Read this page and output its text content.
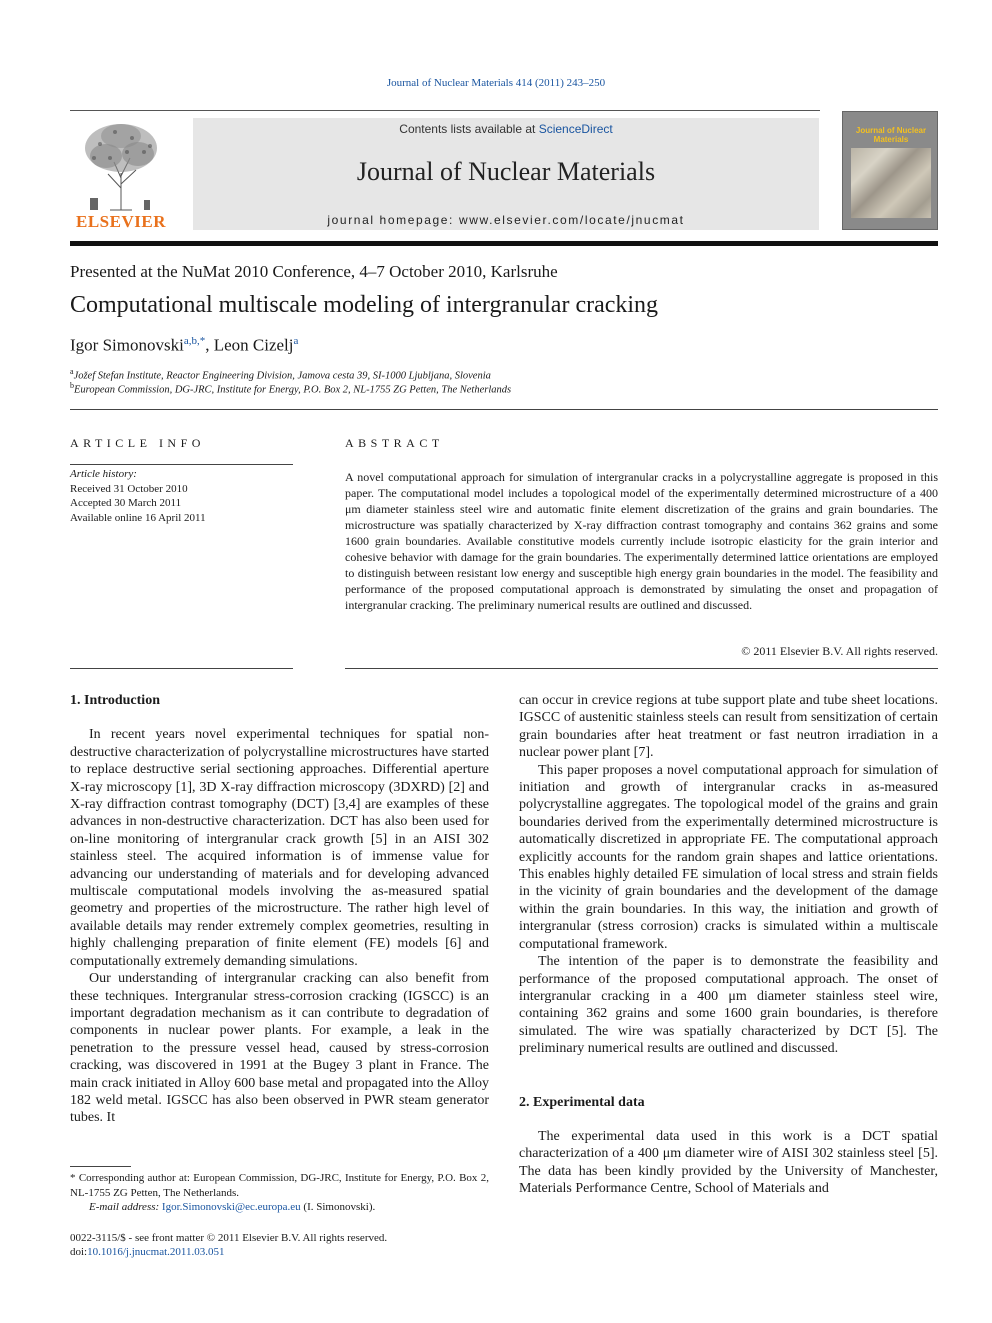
Journal of Nuclear Materials 414 (2011) 243–250
ELSEVIER
Contents lists available at ScienceDirect
Journal of Nuclear Materials
journal homepage: www.elsevier.com/locate/jnucmat
Journal of Nuclear Materials
Presented at the NuMat 2010 Conference, 4–7 October 2010, Karlsruhe
Computational multiscale modeling of intergranular cracking
Igor Simonovski$^{a,b,*}$, Leon Cizelj$^a$
$^a$Jožef Stefan Institute, Reactor Engineering Division, Jamova cesta 39, SI-1000 Ljubljana, Slovenia
$^b$European Commission, DG-JRC, Institute for Energy, P.O. Box 2, NL-1755 ZG Petten, The Netherlands
ARTICLE INFO
Article history:
Received 31 October 2010
Accepted 30 March 2011
Available online 16 April 2011
ABSTRACT
A novel computational approach for simulation of intergranular cracks in a polycrystalline aggregate is proposed in this paper. The computational model includes a topological model of the experimentally determined microstructure of a 400 μm diameter stainless steel wire and automatic finite element discretization of the grains and grain boundaries. The microstructure was spatially characterized by X-ray diffraction contrast tomography and contains 362 grains and some 1600 grain boundaries. Available constitutive models currently include isotropic elasticity for the grain interior and cohesive behavior with damage for the grain boundaries. The experimentally determined lattice orientations are employed to distinguish between resistant low energy and susceptible high energy grain boundaries in the model. The feasibility and performance of the proposed computational approach is demonstrated by simulating the onset and propagation of intergranular cracking. The preliminary numerical results are outlined and discussed.
© 2011 Elsevier B.V. All rights reserved.
1. Introduction

In recent years novel experimental techniques for spatial non-destructive characterization of polycrystalline microstructures have started to replace destructive serial sectioning approaches. Differential aperture X-ray microscopy [1], 3D X-ray diffraction microscopy (3DXRD) [2] and X-ray diffraction contrast tomography (DCT) [3,4] are examples of these advances in non-destructive characterization. DCT has also been used for on-line monitoring of intergranular crack growth [5] in an AISI 302 stainless steel. The acquired information is of immense value for advancing our understanding of materials and for developing advanced multiscale computational models involving the as-measured spatial geometry and properties of the microstructure. The rather high level of available details may render extremely complex geometries, resulting in highly challenging preparation of finite element (FE) models [6] and computationally extremely demanding simulations.

Our understanding of intergranular cracking can also benefit from these techniques. Intergranular stress-corrosion cracking (IGSCC) is an important degradation mechanism as it can contribute to degradation of components in nuclear power plants. For example, a leak in the penetration to the pressure vessel head, caused by stress-corrosion cracking, was discovered in 1991 at the Bugey 3 plant in France. The main crack initiated in Alloy 600 base metal and propagated into the Alloy 182 weld metal. IGSCC has also been observed in PWR steam generator tubes. It

can occur in crevice regions at tube support plate and tube sheet locations. IGSCC of austenitic stainless steels can result from sensitization of certain grain boundaries after heat treatment or fast neutron irradiation in a nuclear power plant [7].

This paper proposes a novel computational approach for simulation of initiation and growth of intergranular cracks in as-measured polycrystalline aggregates. The topological model of the grains and grain boundaries derived from the experimentally determined microstructure is automatically discretized in appropriate FE. The computational approach explicitly accounts for the random grain shapes and lattice orientations. This enables highly detailed FE simulation of local stress and strain fields in the vicinity of grain boundaries and the development of the damage within the grain boundaries. In this way, the initiation and growth of intergranular (stress corrosion) cracks is simulated within a multiscale computational framework.

The intention of the paper is to demonstrate the feasibility and performance of the proposed computational approach. The onset of intergranular cracking in a 400 μm diameter stainless steel wire, containing 362 grains and some 1600 grain boundaries, is therefore simulated. The wire was spatially characterized by DCT [5]. The preliminary numerical results are outlined and discussed.

2. Experimental data

The experimental data used in this work is a DCT spatial characterization of a 400 μm diameter wire of AISI 302 stainless steel [5]. The data has been kindly provided by the University of Manchester, Materials Performance Centre, School of Materials and

* Corresponding author at: European Commission, DG-JRC, Institute for Energy, P.O. Box 2, NL-1755 ZG Petten, The Netherlands.

E-mail address: Igor.Simonovski@ec.europa.eu (I. Simonovski).

0022-3115/$ - see front matter © 2011 Elsevier B.V. All rights reserved.
doi:10.1016/j.jnucmat.2011.03.051
